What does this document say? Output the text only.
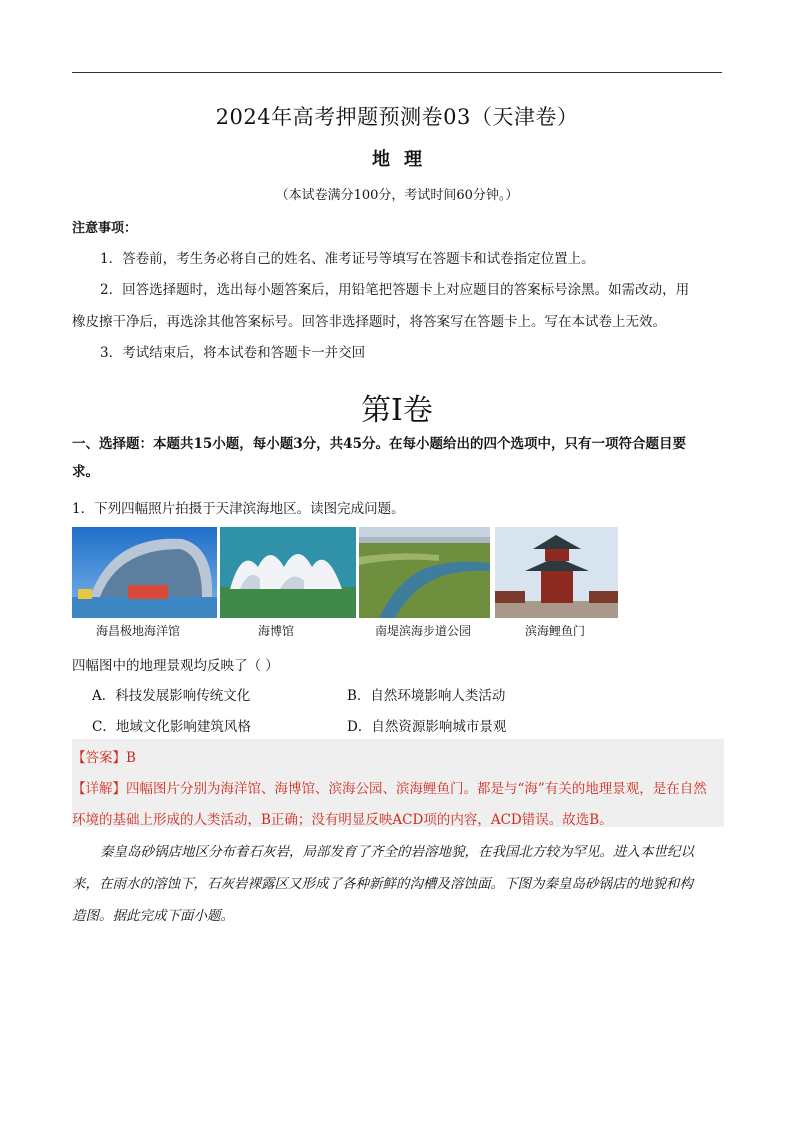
2024年高考押题预测卷03（天津卷）
地理
（本试卷满分100分，考试时间60分钟。）
注意事项：
1．答卷前，考生务必将自己的姓名、准考证号等填写在答题卡和试卷指定位置上。
2．回答选择题时，选出每小题答案后，用铅笔把答题卡上对应题目的答案标号涂黑。如需改动，用
橡皮擦干净后，再选涂其他答案标号。回答非选择题时，将答案写在答题卡上。写在本试卷上无效。
3．考试结束后，将本试卷和答题卡一并交回
第I卷
一、选择题：本题共15小题，每小题3分，共45分。在每小题给出的四个选项中，只有一项符合题目要
求。
1．下列四幅照片拍摄于天津滨海地区。读图完成问题。
海昌极地海洋馆	海博馆	南堤滨海步道公园	滨海鲤鱼门
四幅图中的地理景观均反映了（ ）
A．科技发展影响传统文化	B．自然环境影响人类活动
C．地域文化影响建筑风格	D．自然资源影响城市景观
【答案】B
【详解】四幅图片分别为海洋馆、海博馆、滨海公园、滨海鲤鱼门。都是与“海”有关的地理景观，是在自然
环境的基础上形成的人类活动，B正确；没有明显反映ACD项的内容，ACD错误。故选B。
秦皇岛砂锅店地区分布着石灰岩，局部发育了齐全的岩溶地貌，在我国北方较为罕见。进入本世纪以
来，在雨水的溶蚀下，石灰岩裸露区又形成了各种新鲜的沟槽及溶蚀面。下图为秦皇岛砂锅店的地貌和构
造图。据此完成下面小题。
